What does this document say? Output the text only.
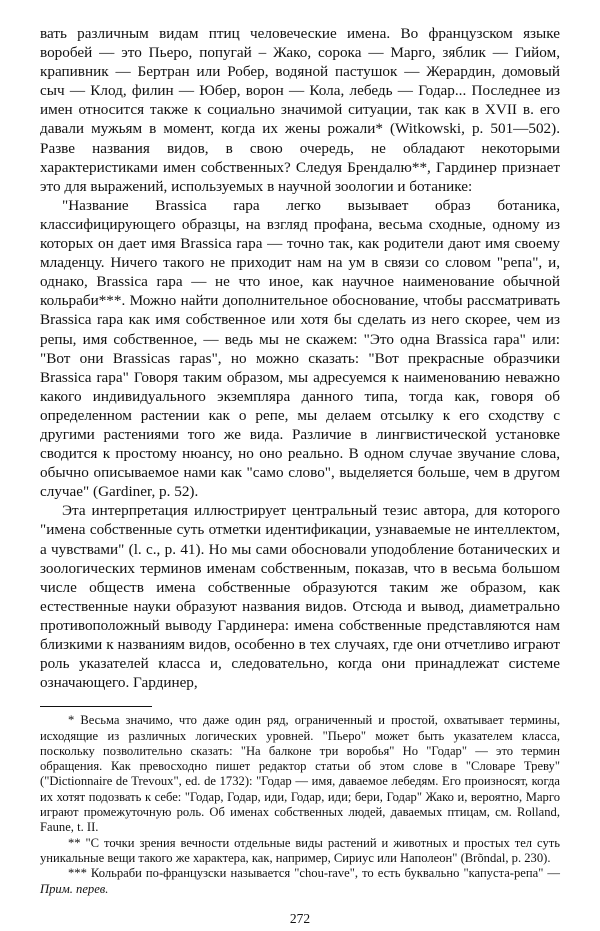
вать различным видам птиц человеческие имена. Во французском языке воробей — это Пьеро, попугай – Жако, сорока — Марго, зяблик — Гийом, крапивник — Бертран или Робер, водяной пастушок — Жерардин, домовый сыч — Клод, филин — Юбер, ворон — Кола, лебедь — Годар... Последнее из имен относится также к социально значимой ситуации, так как в XVII в. его давали мужьям в момент, когда их жены рожали* (Witkowski, p. 501—502). Разве названия видов, в свою очередь, не обладают некоторыми характеристиками имен собственных? Следуя Брендалю**, Гардинер признает это для выражений, используемых в научной зоологии и ботанике:

"Название Brassica rapa легко вызывает образ ботаника, классифицирующего образцы, на взгляд профана, весьма сходные, одному из которых он дает имя Brassica rapa — точно так, как родители дают имя своему младенцу. Ничего такого не приходит нам на ум в связи со словом "репа", и, однако, Brassica rapa — не что иное, как научное наименование обычной кольраби***. Можно найти дополнительное обоснование, чтобы рассматривать Brassica rapa как имя собственное или хотя бы сделать из него скорее, чем из репы, имя собственное, — ведь мы не скажем: "Это одна Brassica rapa" или: "Вот они Brassicas rapas", но можно сказать: "Вот прекрасные образчики Brassica rapa" Говоря таким образом, мы адресуемся к наименованию неважно какого индивидуального экземпляра данного типа, тогда как, говоря об определенном растении как о репе, мы делаем отсылку к его сходству с другими растениями того же вида. Различие в лингвистической установке сводится к простому нюансу, но оно реально. В одном случае звучание слова, обычно описываемое нами как "само слово", выделяется больше, чем в другом случае" (Gardiner, p. 52).

Эта интерпретация иллюстрирует центральный тезис автора, для которого "имена собственные суть отметки идентификации, узнаваемые не интеллектом, а чувствами" (l. c., p. 41). Но мы сами обосновали уподобление ботанических и зоологических терминов именам собственным, показав, что в весьма большом числе обществ имена собственные образуются таким же образом, как естественные науки образуют названия видов. Отсюда и вывод, диаметрально противоположный выводу Гардинера: имена собственные представляются нам близкими к названиям видов, особенно в тех случаях, где они отчетливо играют роль указателей класса и, следовательно, когда они принадлежат системе означающего. Гардинер,

* Весьма значимо, что даже один ряд, ограниченный и простой, охватывает термины, исходящие из различных логических уровней. "Пьеро" может быть указателем класса, поскольку позволительно сказать: "На балконе три воробья" Но "Годар" — это термин обращения. Как превосходно пишет редактор статьи об этом слове в "Словаре Треву" ("Dictionnaire de Trevoux", ed. de 1732): "Годар — имя, даваемое лебедям. Его произносят, когда их хотят подозвать к себе: "Годар, Годар, иди, Годар, иди; бери, Годар" Жако и, вероятно, Марго играют промежуточную роль. Об именах собственных людей, даваемых птицам, см. Rolland, Faune, t. II.

** "С точки зрения вечности отдельные виды растений и животных и простых тел суть уникальные вещи такого же характера, как, например, Сириус или Наполеон" (Brõndal, p. 230).

*** Кольраби по-французски называется "chou-rave", то есть буквально "капуста-репа" — Прим. перев.

272
